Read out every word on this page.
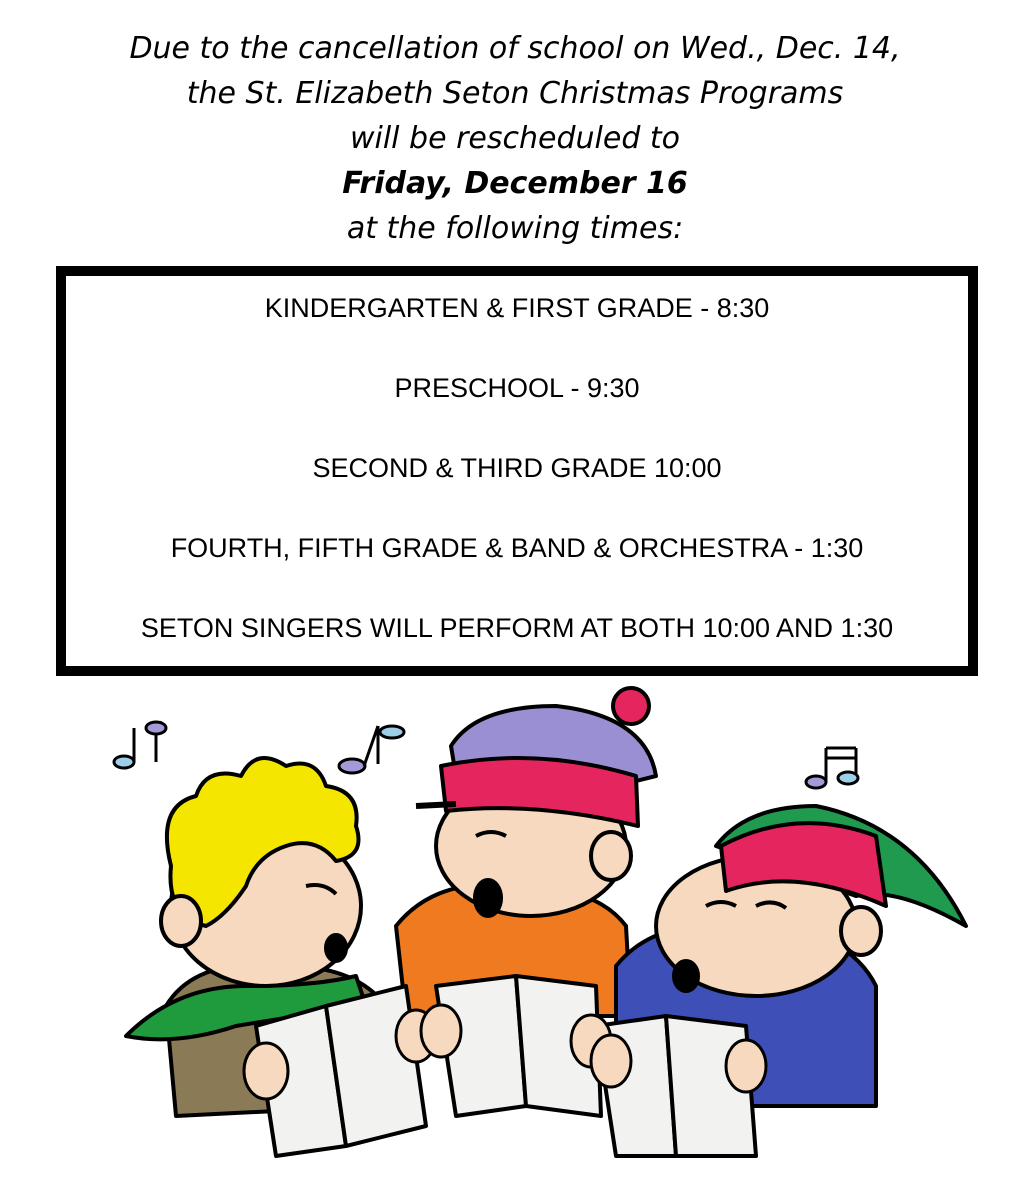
Due to the cancellation of school on Wed., Dec. 14,
the St. Elizabeth Seton Christmas Programs
will be rescheduled to
Friday, December 16
at the following times:
KINDERGARTEN & FIRST GRADE - 8:30
PRESCHOOL - 9:30
SECOND & THIRD GRADE 10:00
FOURTH, FIFTH GRADE & BAND & ORCHESTRA - 1:30
SETON SINGERS WILL PERFORM AT BOTH 10:00 AND 1:30
